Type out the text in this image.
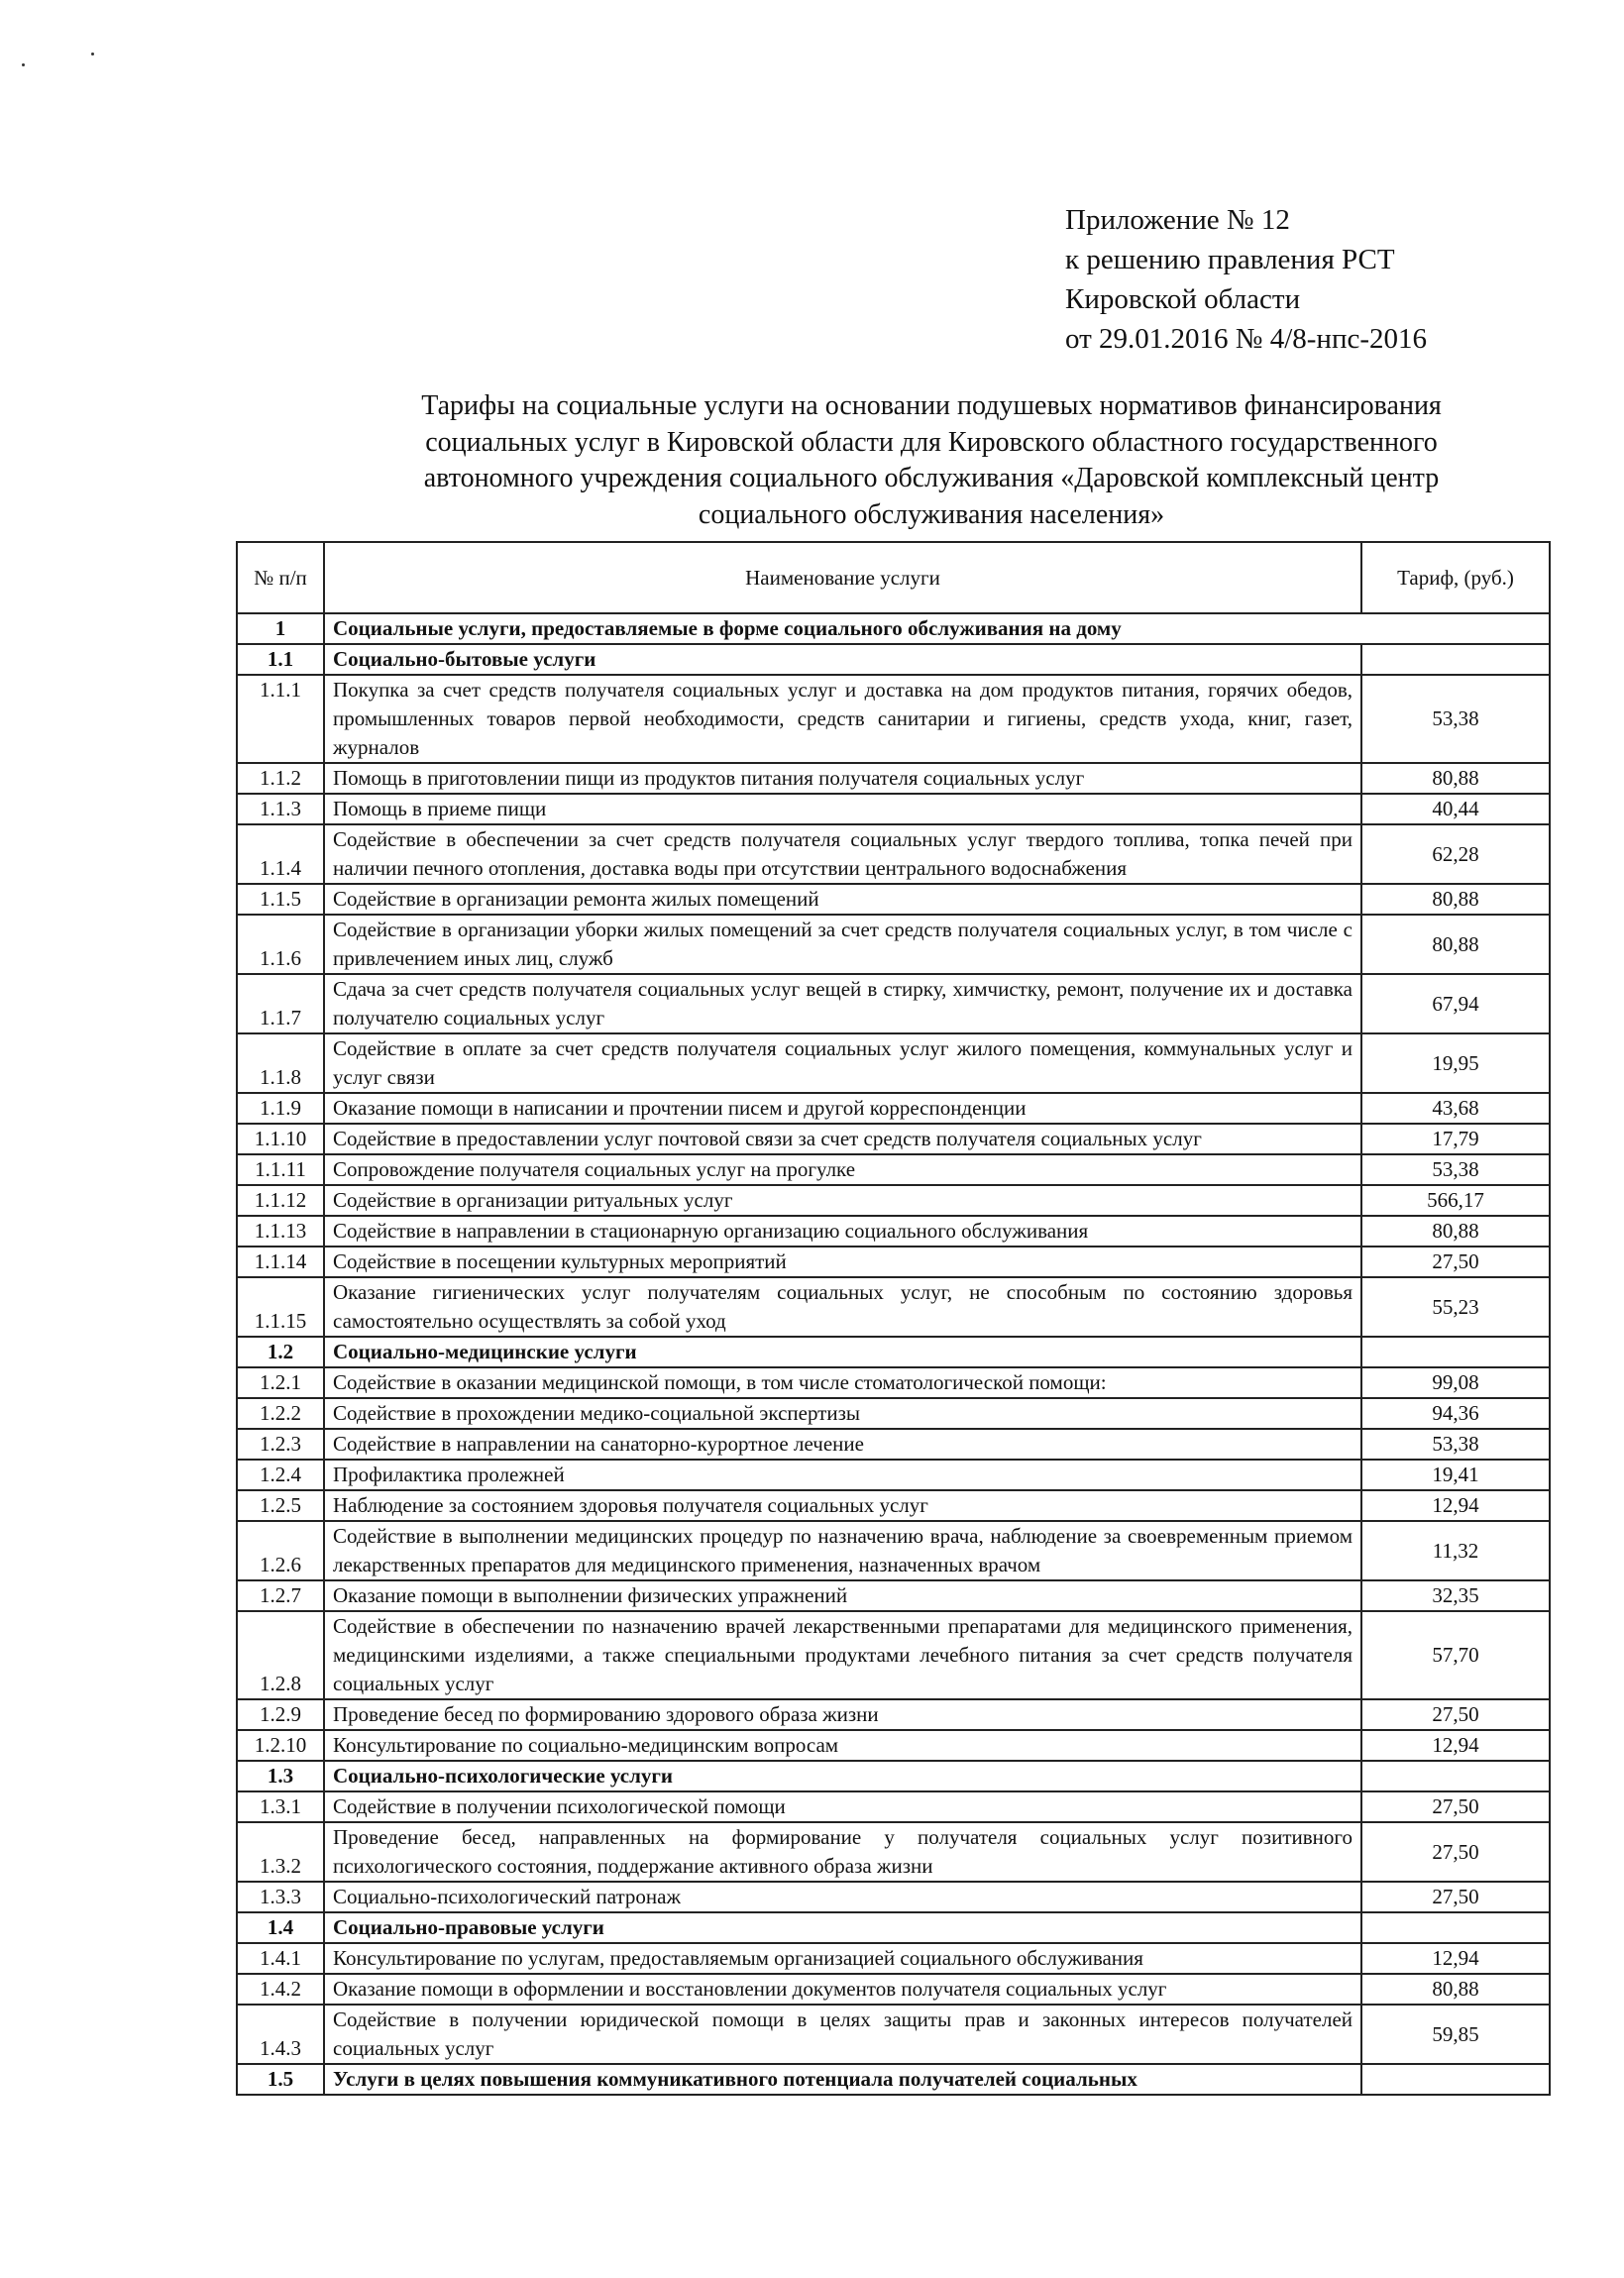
Приложение № 12
к решению правления РСТ
Кировской области
от 29.01.2016 № 4/8-нпс-2016
Тарифы на социальные услуги на основании подушевых нормативов финансирования
социальных услуг в Кировской области для Кировского областного государственного
автономного учреждения социального обслуживания «Даровской комплексный центр
социального обслуживания населения»
№ п/п	Наименование услуги	Тариф, (руб.)
1	Социальные услуги, предоставляемые в форме социального обслуживания на дому	
1.1	Социально-бытовые услуги	
1.1.1	Покупка за счет средств получателя социальных услуг и доставка на дом продуктов питания, горячих обедов, промышленных товаров первой необходимости, средств санитарии и гигиены, средств ухода, книг, газет, журналов	53,38
1.1.2	Помощь в приготовлении пищи из продуктов питания получателя социальных услуг	80,88
1.1.3	Помощь в приеме пищи	40,44
1.1.4	Содействие в обеспечении за счет средств получателя социальных услуг твердого топлива, топка печей при наличии печного отопления, доставка воды при отсутствии центрального водоснабжения	62,28
1.1.5	Содействие в организации ремонта жилых помещений	80,88
1.1.6	Содействие в организации уборки жилых помещений за счет средств получателя социальных услуг, в том числе с привлечением иных лиц, служб	80,88
1.1.7	Сдача за счет средств получателя социальных услуг вещей в стирку, химчистку, ремонт, получение их и доставка получателю социальных услуг	67,94
1.1.8	Содействие в оплате за счет средств получателя социальных услуг жилого помещения, коммунальных услуг и услуг связи	19,95
1.1.9	Оказание помощи в написании и прочтении писем и другой корреспонденции	43,68
1.1.10	Содействие в предоставлении услуг почтовой связи за счет средств получателя социальных услуг	17,79
1.1.11	Сопровождение получателя социальных услуг на прогулке	53,38
1.1.12	Содействие в организации ритуальных услуг	566,17
1.1.13	Содействие в направлении в стационарную организацию социального обслуживания	80,88
1.1.14	Содействие в посещении культурных мероприятий	27,50
1.1.15	Оказание гигиенических услуг получателям социальных услуг, не способным по состоянию здоровья самостоятельно осуществлять за собой уход	55,23
1.2	Социально-медицинские услуги	
1.2.1	Содействие в оказании медицинской помощи, в том числе стоматологической помощи:	99,08
1.2.2	Содействие в прохождении медико-социальной экспертизы	94,36
1.2.3	Содействие в направлении на санаторно-курортное лечение	53,38
1.2.4	Профилактика пролежней	19,41
1.2.5	Наблюдение за состоянием здоровья получателя социальных услуг	12,94
1.2.6	Содействие в выполнении медицинских процедур по назначению врача, наблюдение за своевременным приемом лекарственных препаратов для медицинского применения, назначенных врачом	11,32
1.2.7	Оказание помощи в выполнении физических упражнений	32,35
1.2.8	Содействие в обеспечении по назначению врачей лекарственными препаратами для медицинского применения, медицинскими изделиями, а также специальными продуктами лечебного питания за счет средств получателя социальных услуг	57,70
1.2.9	Проведение бесед по формированию здорового образа жизни	27,50
1.2.10	Консультирование по социально-медицинским вопросам	12,94
1.3	Социально-психологические услуги	
1.3.1	Содействие в получении психологической помощи	27,50
1.3.2	Проведение бесед, направленных на формирование у получателя социальных услуг позитивного психологического состояния, поддержание активного образа жизни	27,50
1.3.3	Социально-психологический патронаж	27,50
1.4	Социально-правовые услуги	
1.4.1	Консультирование по услугам, предоставляемым организацией социального обслуживания	12,94
1.4.2	Оказание помощи в оформлении и восстановлении документов получателя социальных услуг	80,88
1.4.3	Содействие в получении юридической помощи в целях защиты прав и законных интересов получателей социальных услуг	59,85
1.5	Услуги в целях повышения коммуникативного потенциала получателей социальных	
